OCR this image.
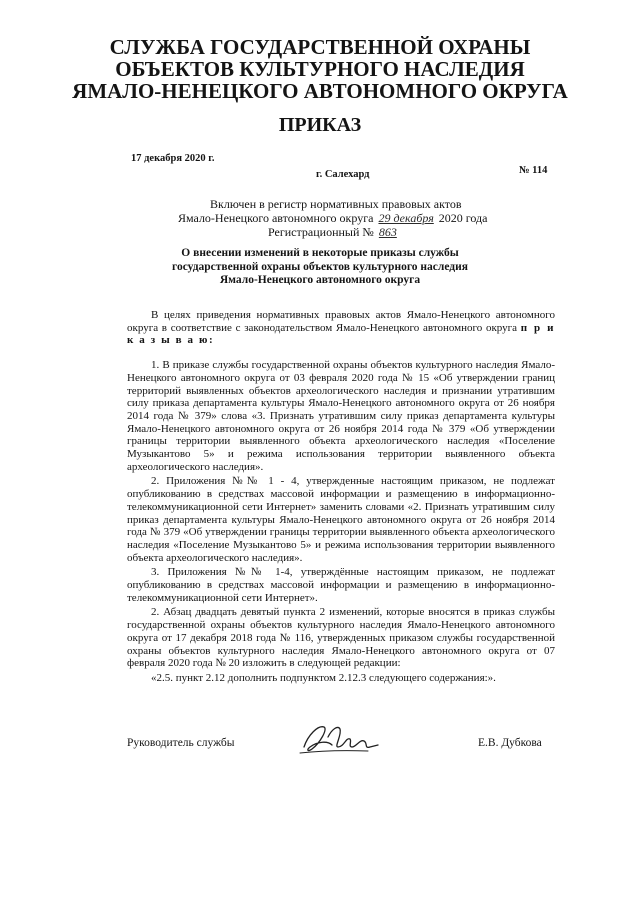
СЛУЖБА ГОСУДАРСТВЕННОЙ ОХРАНЫ
ОБЪЕКТОВ КУЛЬТУРНОГО НАСЛЕДИЯ
ЯМАЛО-НЕНЕЦКОГО АВТОНОМНОГО ОКРУГА
ПРИКАЗ
17 декабря 2020 г.
г. Салехард	№ 114
Включен в регистр нормативных правовых актов
Ямало-Ненецкого автономного округа 29 декабря 2020 года
Регистрационный № 863
О внесении изменений в некоторые приказы службы
государственной охраны объектов культурного наследия
Ямало-Ненецкого автономного округа

В целях приведения нормативных правовых актов Ямало-Ненецкого автономного округа в соответствие с законодательством Ямало-Ненецкого автономного округа п р и к а з ы в а ю:

1. В приказе службы государственной охраны объектов культурного наследия Ямало-Ненецкого автономного округа от 03 февраля 2020 года № 15 «Об утверждении границ территорий выявленных объектов археологического наследия и признании утратившим силу приказа департамента культуры Ямало-Ненецкого автономного округа от 26 ноября 2014 года № 379» слова «3. Признать утратившим силу приказ департамента культуры Ямало-Ненецкого автономного округа от 26 ноября 2014 года № 379 «Об утверждении границы территории выявленного объекта археологического наследия «Поселение Музыкантово 5» и режима использования территории выявленного объекта археологического наследия».

2. Приложения №№ 1 - 4, утвержденные настоящим приказом, не подлежат опубликованию в средствах массовой информации и размещению в информационно-телекоммуникационной сети Интернет» заменить словами «2. Признать утратившим силу приказ департамента культуры Ямало-Ненецкого автономного округа от 26 ноября 2014 года № 379 «Об утверждении границы территории выявленного объекта археологического наследия «Поселение Музыкантово 5» и режима использования территории выявленного объекта археологического наследия».

3. Приложения №№ 1-4, утверждённые настоящим приказом, не подлежат опубликованию в средствах массовой информации и размещению в информационно-телекоммуникационной сети Интернет».

2. Абзац двадцать девятый пункта 2 изменений, которые вносятся в приказ службы государственной охраны объектов культурного наследия Ямало-Ненецкого автономного округа от 17 декабря 2018 года № 116, утвержденных приказом службы государственной охраны объектов культурного наследия Ямало-Ненецкого автономного округа от 07 февраля 2020 года № 20 изложить в следующей редакции:

«2.5. пункт 2.12 дополнить подпунктом 2.12.3 следующего содержания:».

Руководитель службы	Е.В. Дубкова
